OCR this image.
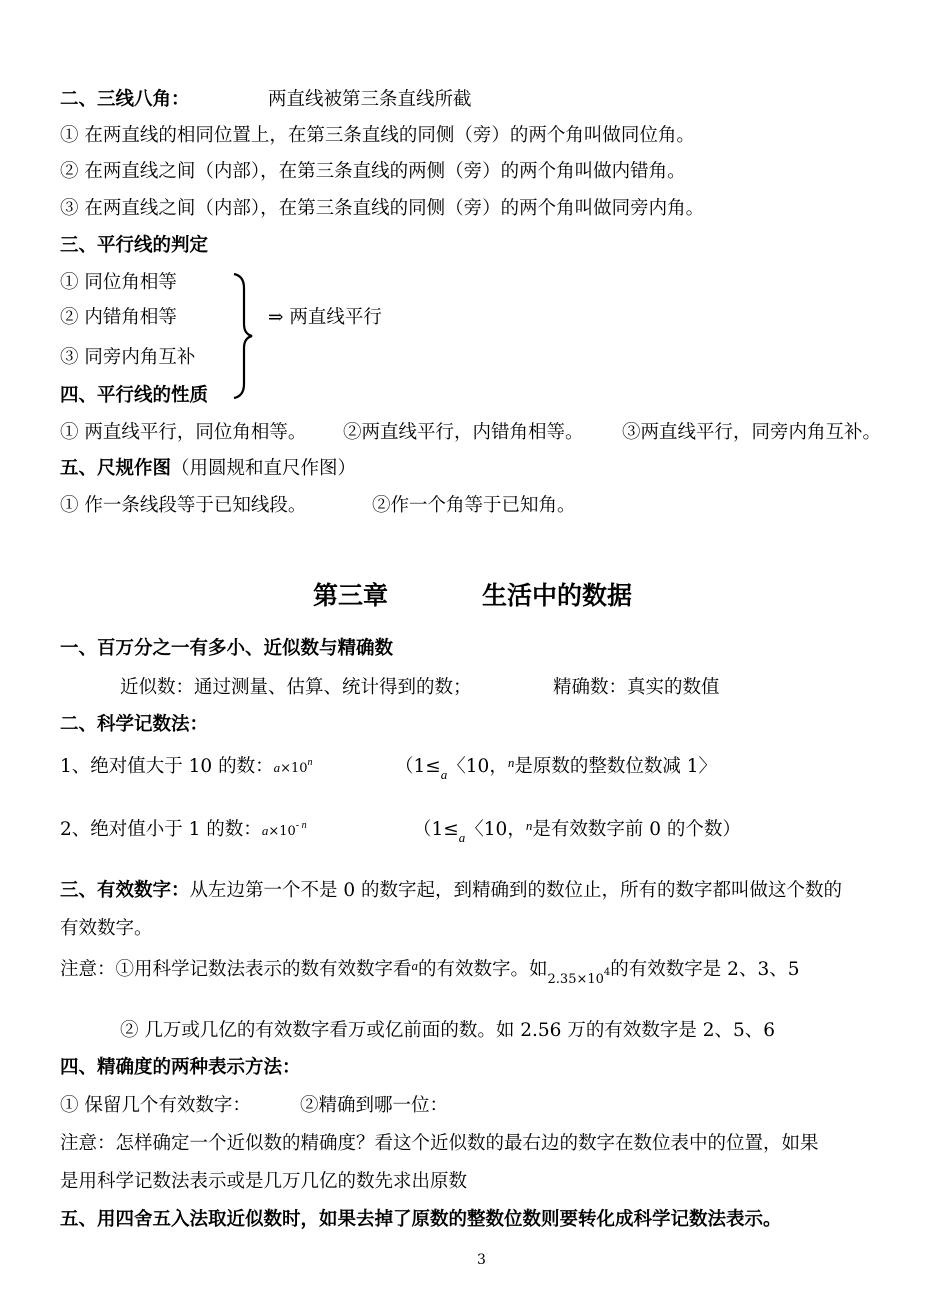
二、三线八角：	两直线被第三条直线所截
① 在两直线的相同位置上，在第三条直线的同侧（旁）的两个角叫做同位角。
② 在两直线之间（内部），在第三条直线的两侧（旁）的两个角叫做内错角。
③ 在两直线之间（内部），在第三条直线的同侧（旁）的两个角叫做同旁内角。
三、平行线的判定
① 同位角相等
② 内错角相等
③ 同旁内角互补
⇒ 两直线平行
四、平行线的性质
① 两直线平行，同位角相等。 ②两直线平行，内错角相等。 ③两直线平行，同旁内角互补。
五、尺规作图（用圆规和直尺作图）
① 作一条线段等于已知线段。	②作一个角等于已知角。
第三章	生活中的数据
一、百万分之一有多小、近似数与精确数
近似数：通过测量、估算、统计得到的数；	精确数：真实的数值
二、科学记数法：
1、绝对值大于 10 的数：$a\times 10^n$	（$1\le_a$〈10，$^n$是原数的整数位数减 1〉
2、绝对值小于 1 的数：$a\times 10^{- n}$	（$1\le_a$〈10，$^n$是有效数字前 0 的个数）
三、有效数字：从左边第一个不是 0 的数字起，到精确到的数位止，所有的数字都叫做这个数的
有效数字。
注意：①用科学记数法表示的数有效数字看$^a$的有效数字。如$_{2.35\times 10}$4的有效数字是 2、3、5
② 几万或几亿的有效数字看万或亿前面的数。如 2.56 万的有效数字是 2、5、6
四、精确度的两种表示方法：
① 保留几个有效数字：	②精确到哪一位：
注意：怎样确定一个近似数的精确度？看这个近似数的最右边的数字在数位表中的位置，如果
是用科学记数法表示或是几万几亿的数先求出原数
五、用四舍五入法取近似数时，如果去掉了原数的整数位数则要转化成科学记数法表示。
3
